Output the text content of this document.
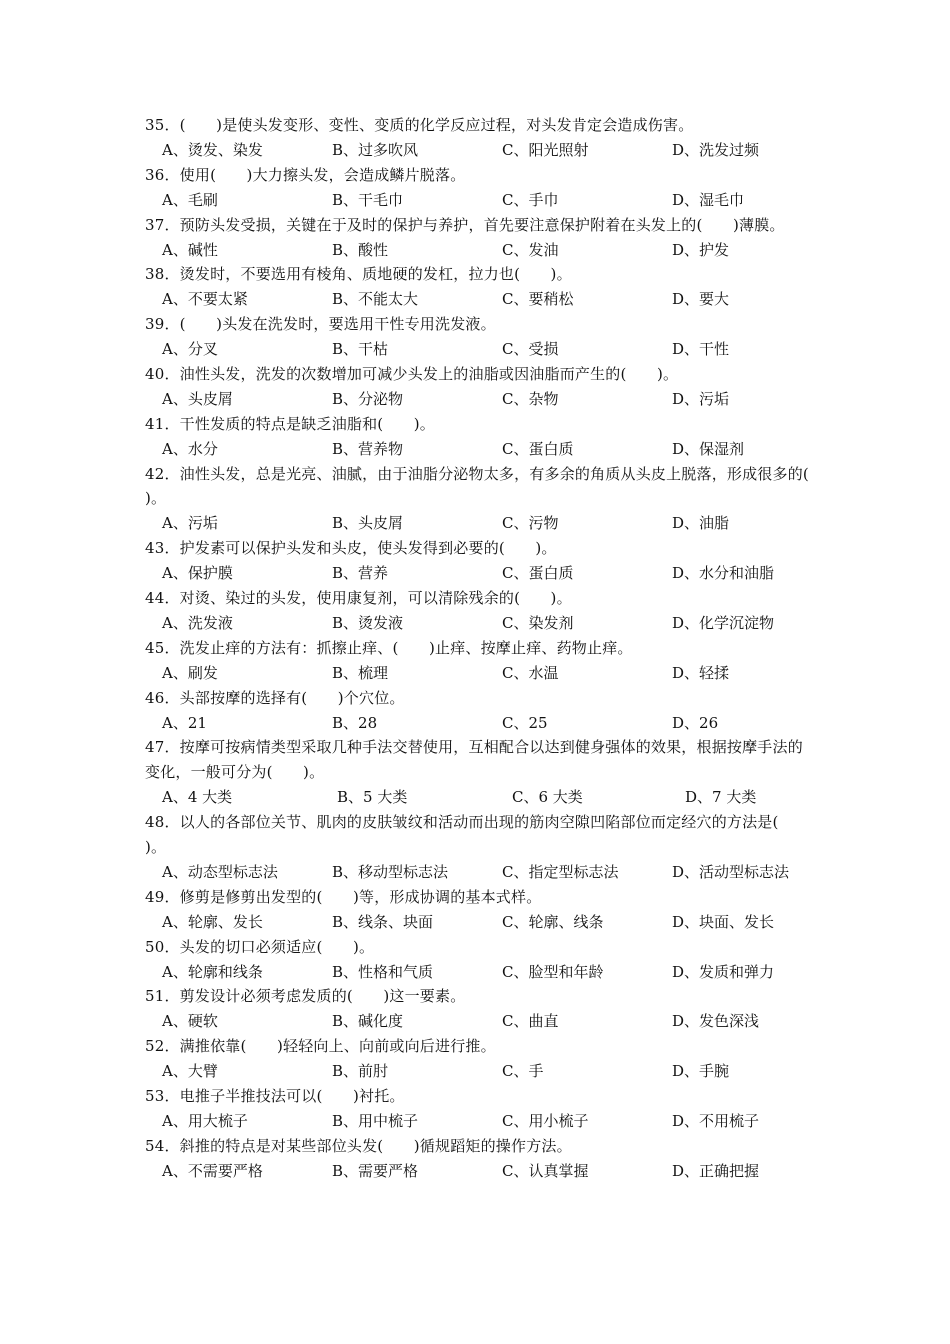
35．(　　)是使头发变形、变性、变质的化学反应过程，对头发肯定会造成伤害。
A、烫发、染发	B、过多吹风	C、阳光照射	D、洗发过频
36．使用(　　)大力擦头发，会造成鳞片脱落。
A、毛刷	B、干毛巾	C、手巾	D、湿毛巾
37．预防头发受损，关键在于及时的保护与养护，首先要注意保护附着在头发上的(　　)薄膜。
A、碱性	B、酸性	C、发油	D、护发
38．烫发时，不要选用有棱角、质地硬的发杠，拉力也(　　)。
A、不要太紧	B、不能太大	C、要稍松	D、要大
39．(　　)头发在洗发时，要选用干性专用洗发液。
A、分叉	B、干枯	C、受损	D、干性
40．油性头发，洗发的次数增加可减少头发上的油脂或因油脂而产生的(　　)。
A、头皮屑	B、分泌物	C、杂物	D、污垢
41．干性发质的特点是缺乏油脂和(　　)。
A、水分	B、营养物	C、蛋白质	D、保湿剂
42．油性头发，总是光亮、油腻，由于油脂分泌物太多，有多余的角质从头皮上脱落，形成很多的(　　)。
A、污垢	B、头皮屑	C、污物	D、油脂
43．护发素可以保护头发和头皮，使头发得到必要的(　　)。
A、保护膜	B、营养	C、蛋白质	D、水分和油脂
44．对烫、染过的头发，使用康复剂，可以清除残余的(　　)。
A、洗发液	B、烫发液	C、染发剂	D、化学沉淀物
45．洗发止痒的方法有：抓擦止痒、(　　)止痒、按摩止痒、药物止痒。
A、刷发	B、梳理	C、水温	D、轻揉
46．头部按摩的选择有(　　)个穴位。
A、21	B、28	C、25	D、26
47．按摩可按病情类型采取几种手法交替使用，互相配合以达到健身强体的效果，根据按摩手法的变化，一般可分为(　　)。
A、4 大类	B、5 大类	C、6 大类	D、7 大类
48．以人的各部位关节、肌肉的皮肤皱纹和活动而出现的筋肉空隙凹陷部位而定经穴的方法是(　　)。
A、动态型标志法	B、移动型标志法	C、指定型标志法	D、活动型标志法
49．修剪是修剪出发型的(　　)等，形成协调的基本式样。
A、轮廓、发长	B、线条、块面	C、轮廓、线条	D、块面、发长
50．头发的切口必须适应(　　)。
A、轮廓和线条	B、性格和气质	C、脸型和年龄	D、发质和弹力
51．剪发设计必须考虑发质的(　　)这一要素。
A、硬软	B、碱化度	C、曲直	D、发色深浅
52．满推依靠(　　)轻轻向上、向前或向后进行推。
A、大臂	B、前肘	C、手	D、手腕
53．电推子半推技法可以(　　)衬托。
A、用大梳子	B、用中梳子	C、用小梳子	D、不用梳子
54．斜推的特点是对某些部位头发(　　)循规蹈矩的操作方法。
A、不需要严格	B、需要严格	C、认真掌握	D、正确把握
